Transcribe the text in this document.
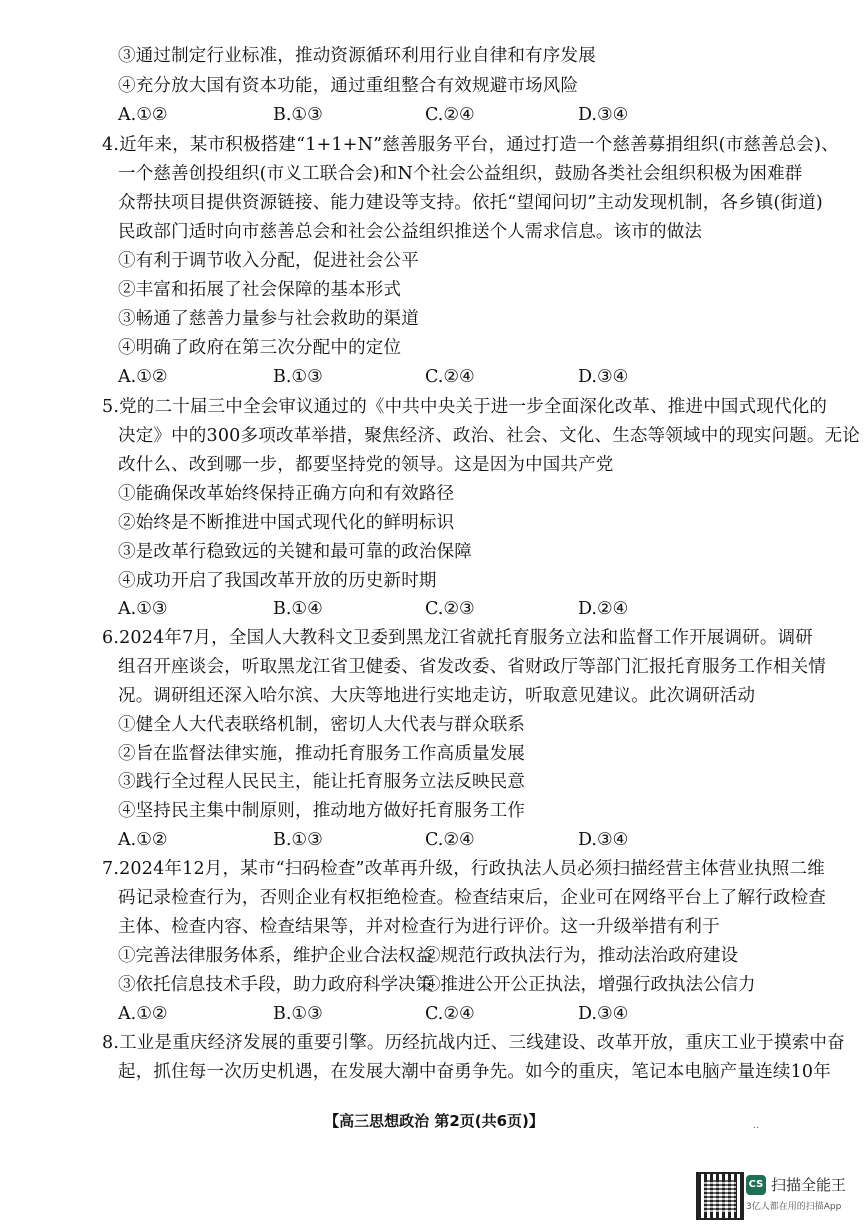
③通过制定行业标准，推动资源循环利用行业自律和有序发展
④充分放大国有资本功能，通过重组整合有效规避市场风险
A.①②	B.①③	C.②④	D.③④
4.近年来，某市积极搭建“1+1+N”慈善服务平台，通过打造一个慈善募捐组织(市慈善总会)、
一个慈善创投组织(市义工联合会)和N个社会公益组织，鼓励各类社会组织积极为困难群
众帮扶项目提供资源链接、能力建设等支持。依托“望闻问切”主动发现机制，各乡镇(街道)
民政部门适时向市慈善总会和社会公益组织推送个人需求信息。该市的做法
①有利于调节收入分配，促进社会公平
②丰富和拓展了社会保障的基本形式
③畅通了慈善力量参与社会救助的渠道
④明确了政府在第三次分配中的定位
A.①②	B.①③	C.②④	D.③④
5.党的二十届三中全会审议通过的《中共中央关于进一步全面深化改革、推进中国式现代化的
决定》中的300多项改革举措，聚焦经济、政治、社会、文化、生态等领域中的现实问题。无论
改什么、改到哪一步，都要坚持党的领导。这是因为中国共产党
①能确保改革始终保持正确方向和有效路径
②始终是不断推进中国式现代化的鲜明标识
③是改革行稳致远的关键和最可靠的政治保障
④成功开启了我国改革开放的历史新时期
A.①③	B.①④	C.②③	D.②④
6.2024年7月，全国人大教科文卫委到黑龙江省就托育服务立法和监督工作开展调研。调研
组召开座谈会，听取黑龙江省卫健委、省发改委、省财政厅等部门汇报托育服务工作相关情
况。调研组还深入哈尔滨、大庆等地进行实地走访，听取意见建议。此次调研活动
①健全人大代表联络机制，密切人大代表与群众联系
②旨在监督法律实施，推动托育服务工作高质量发展
③践行全过程人民民主，能让托育服务立法反映民意
④坚持民主集中制原则，推动地方做好托育服务工作
A.①②	B.①③	C.②④	D.③④
7.2024年12月，某市“扫码检查”改革再升级，行政执法人员必须扫描经营主体营业执照二维
码记录检查行为，否则企业有权拒绝检查。检查结束后，企业可在网络平台上了解行政检查
主体、检查内容、检查结果等，并对检查行为进行评价。这一升级举措有利于
①完善法律服务体系，维护企业合法权益
②规范行政执法行为，推动法治政府建设
③依托信息技术手段，助力政府科学决策
④推进公开公正执法，增强行政执法公信力
A.①②	B.①③	C.②④	D.③④
8.工业是重庆经济发展的重要引擎。历经抗战内迁、三线建设、改革开放，重庆工业于摸索中奋
起，抓住每一次历史机遇，在发展大潮中奋勇争先。如今的重庆，笔记本电脑产量连续10年
【高三思想政治 第2页(共6页)】	..
CS 扫描全能王
3亿人都在用的扫描App
